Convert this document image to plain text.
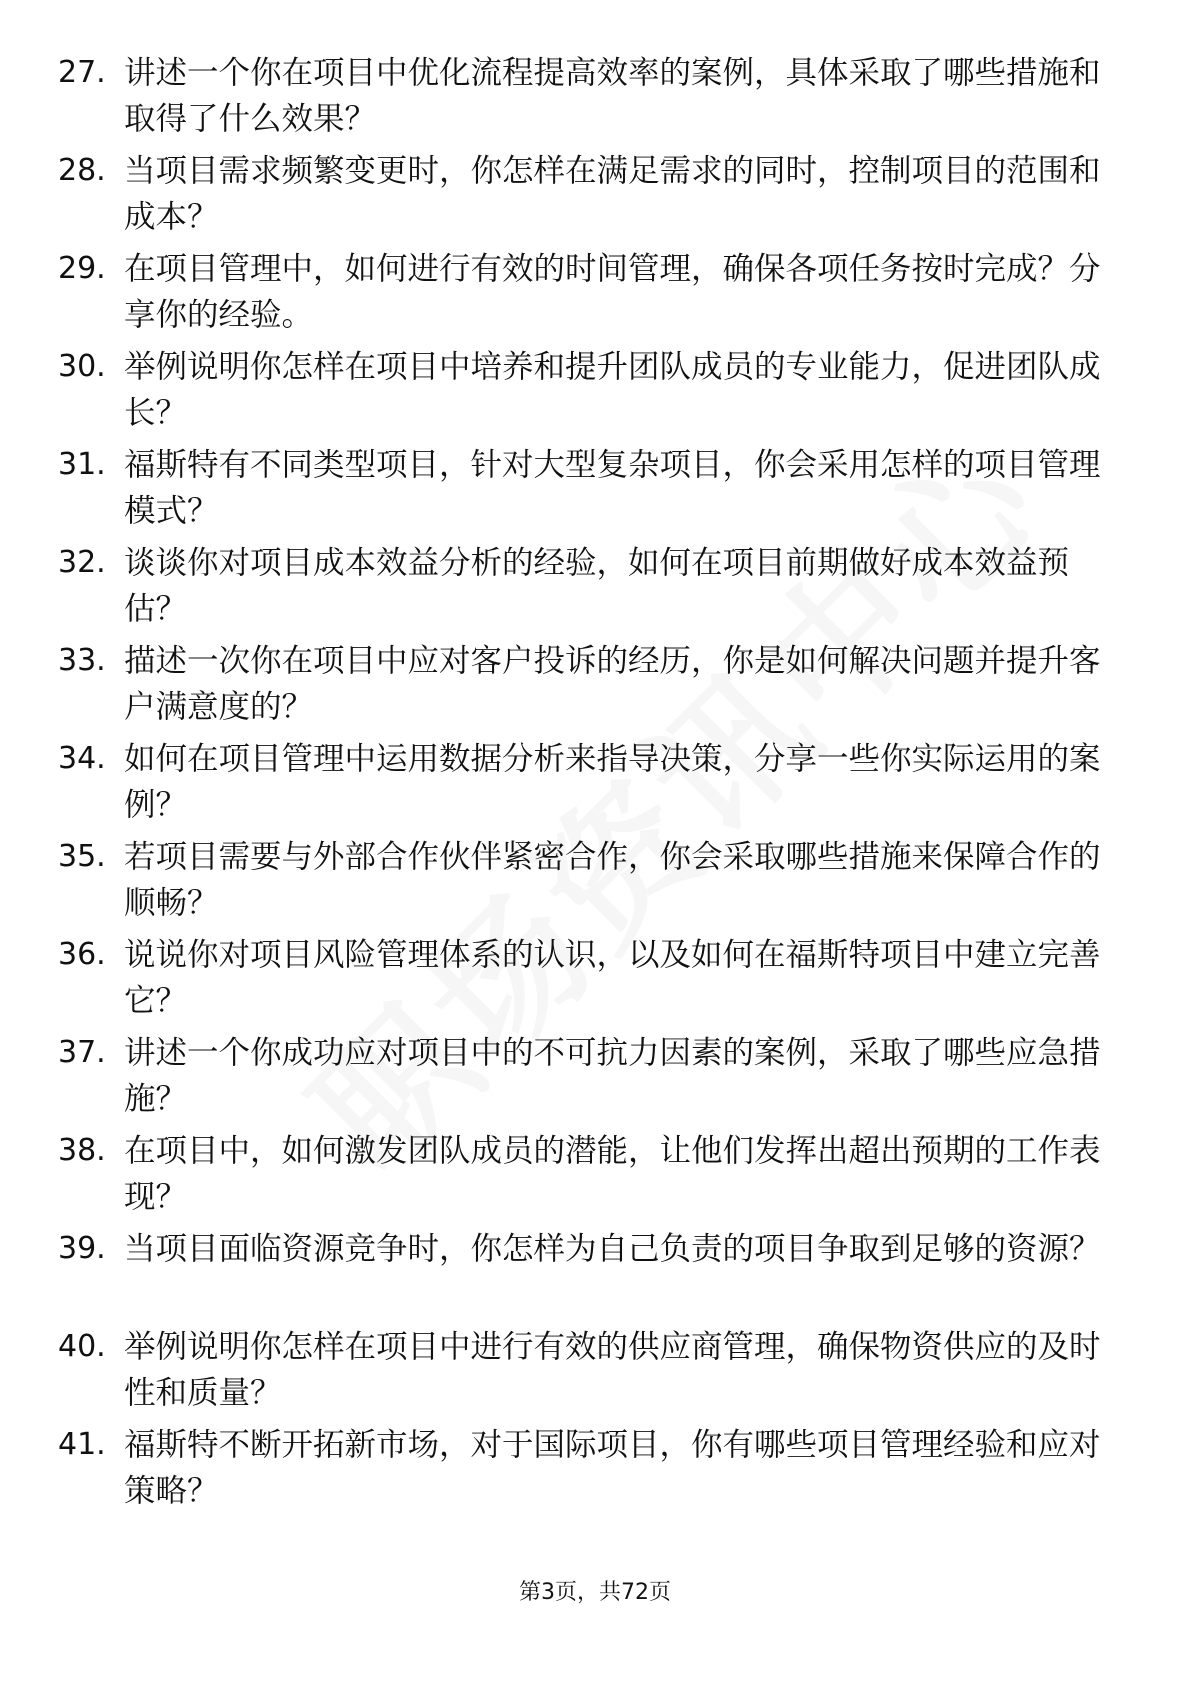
27. 讲述一个你在项目中优化流程提高效率的案例，具体采取了哪些措施和取得了什么效果？
28. 当项目需求频繁变更时，你怎样在满足需求的同时，控制项目的范围和成本？
29. 在项目管理中，如何进行有效的时间管理，确保各项任务按时完成？分享你的经验。
30. 举例说明你怎样在项目中培养和提升团队成员的专业能力，促进团队成长？
31. 福斯特有不同类型项目，针对大型复杂项目，你会采用怎样的项目管理模式？
32. 谈谈你对项目成本效益分析的经验，如何在项目前期做好成本效益预估？
33. 描述一次你在项目中应对客户投诉的经历，你是如何解决问题并提升客户满意度的？
34. 如何在项目管理中运用数据分析来指导决策，分享一些你实际运用的案例？
35. 若项目需要与外部合作伙伴紧密合作，你会采取哪些措施来保障合作的顺畅？
36. 说说你对项目风险管理体系的认识，以及如何在福斯特项目中建立完善它？
37. 讲述一个你成功应对项目中的不可抗力因素的案例，采取了哪些应急措施？
38. 在项目中，如何激发团队成员的潜能，让他们发挥出超出预期的工作表现？
39. 当项目面临资源竞争时，你怎样为自己负责的项目争取到足够的资源？
40. 举例说明你怎样在项目中进行有效的供应商管理，确保物资供应的及时性和质量？
41. 福斯特不断开拓新市场，对于国际项目，你有哪些项目管理经验和应对策略？
第3页，共72页
